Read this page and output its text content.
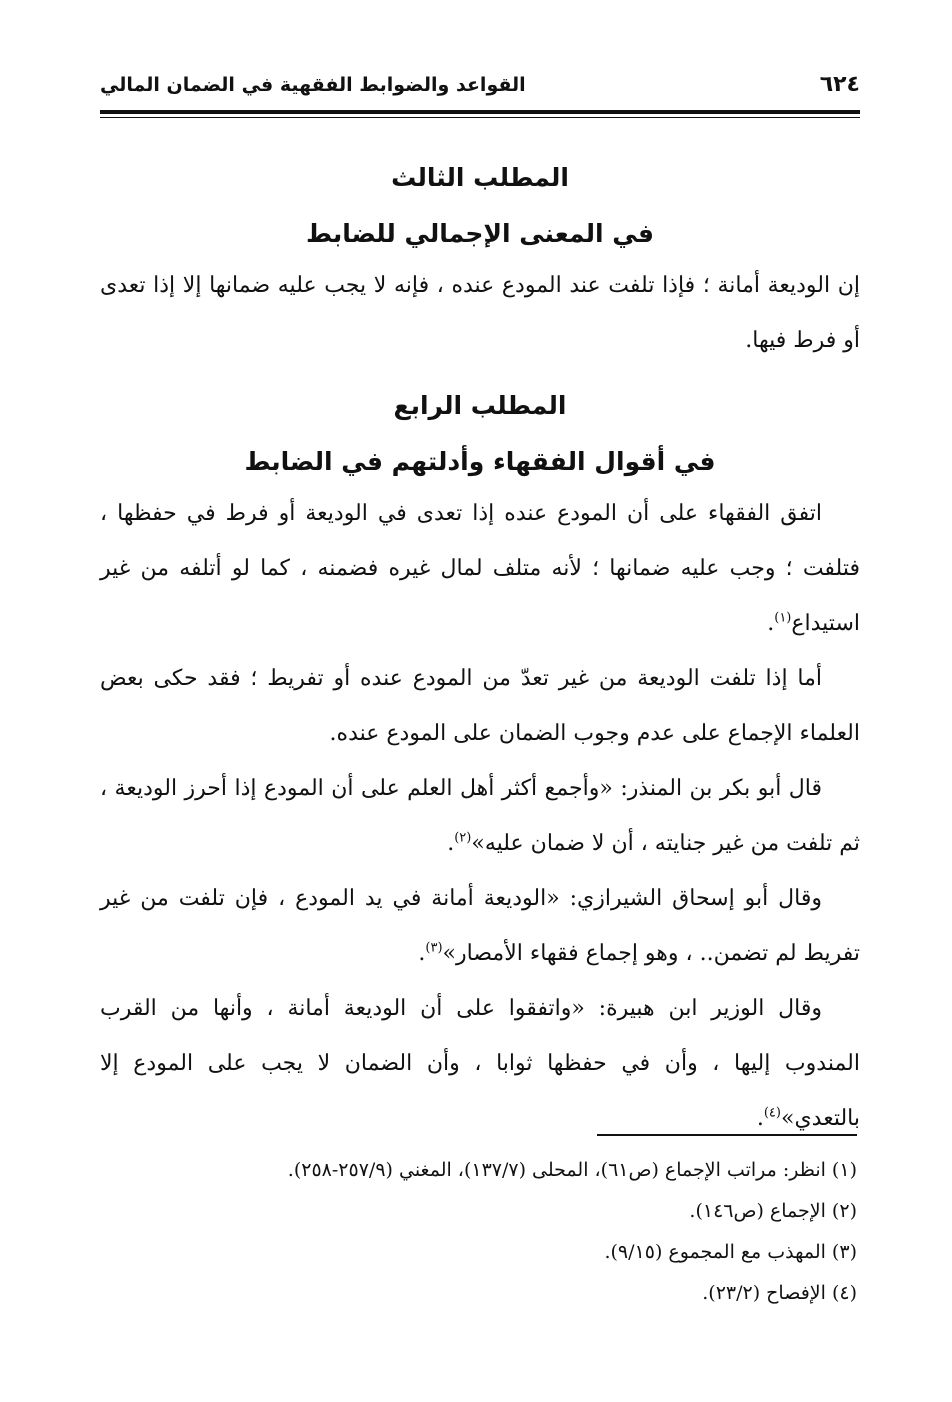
٦٢٤
القواعد والضوابط الفقهية في الضمان المالي
المطلب الثالث
في المعنى الإجمالي للضابط

إن الوديعة أمانة ؛ فإذا تلفت عند المودع عنده ، فإنه لا يجب عليه ضمانها إلا إذا تعدى أو فرط فيها.

المطلب الرابع
في أقوال الفقهاء وأدلتهم في الضابط

اتفق الفقهاء على أن المودع عنده إذا تعدى في الوديعة أو فرط في حفظها ، فتلفت ؛ وجب عليه ضمانها ؛ لأنه متلف لمال غيره فضمنه ، كما لو أتلفه من غير استيداع$^{(١)}$.

أما إذا تلفت الوديعة من غير تعدّ من المودع عنده أو تفريط ؛ فقد حكى بعض العلماء الإجماع على عدم وجوب الضمان على المودع عنده.

قال أبو بكر بن المنذر: «وأجمع أكثر أهل العلم على أن المودع إذا أحرز الوديعة ، ثم تلفت من غير جنايته ، أن لا ضمان عليه»$^{(٢)}$.

وقال أبو إسحاق الشيرازي: «الوديعة أمانة في يد المودع ، فإن تلفت من غير تفريط لم تضمن.. ، وهو إجماع فقهاء الأمصار»$^{(٣)}$.

وقال الوزير ابن هبيرة: «واتفقوا على أن الوديعة أمانة ، وأنها من القرب المندوب إليها ، وأن في حفظها ثوابا ، وأن الضمان لا يجب على المودع إلا بالتعدي»$^{(٤)}$.

(١) انظر: مراتب الإجماع (ص٦١)، المحلى (١٣٧/٧)، المغني (٢٥٧/٩-٢٥٨).

(٢) الإجماع (ص١٤٦).

(٣) المهذب مع المجموع (٩/١٥).

(٤) الإفصاح (٢٣/٢).
